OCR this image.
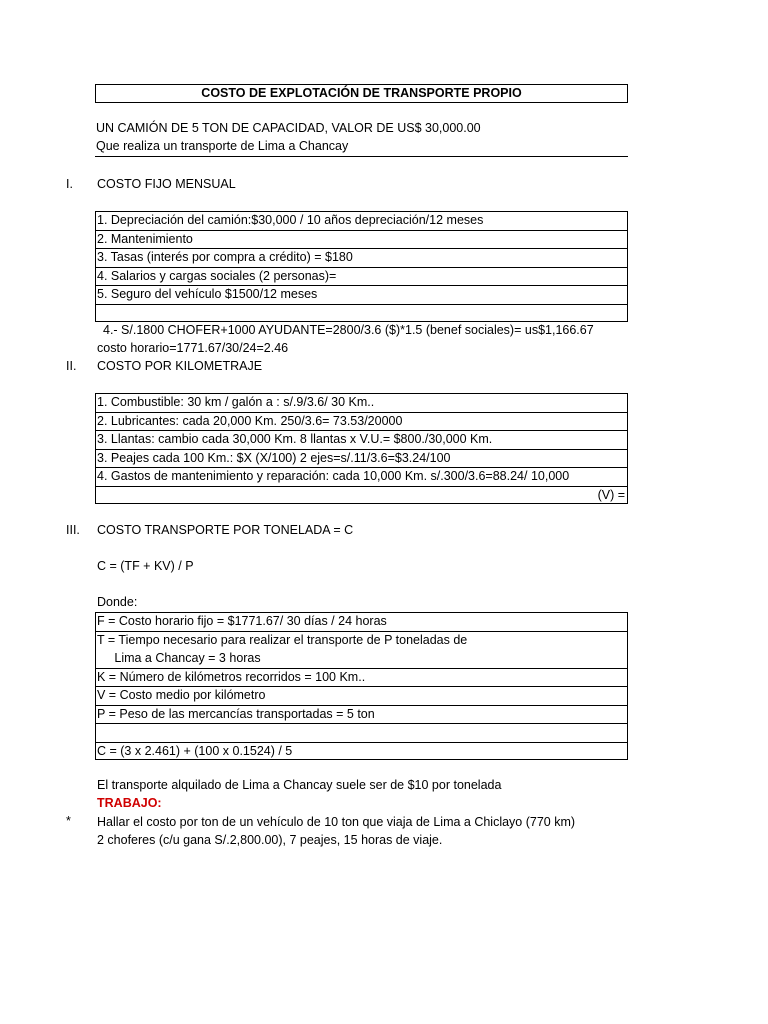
COSTO DE EXPLOTACIÓN DE TRANSPORTE PROPIO
UN CAMIÓN DE 5 TON DE CAPACIDAD, VALOR DE US$ 30,000.00
Que realiza un transporte de Lima a Chancay
I. COSTO FIJO MENSUAL
1. Depreciación del camión:$30,000 / 10 años depreciación/12 meses
2. Mantenimiento
3. Tasas (interés por compra a crédito) = $180
4. Salarios y cargas sociales (2 personas)=
5. Seguro del vehículo $1500/12 meses
4.- S/.1800 CHOFER+1000 AYUDANTE=2800/3.6 ($)*1.5 (benef sociales)= us$1,166.67
costo horario=1771.67/30/24=2.46
II. COSTO POR KILOMETRAJE
1. Combustible: 30 km / galón a : s/.9/3.6/ 30 Km..
2. Lubricantes: cada 20,000 Km. 250/3.6= 73.53/20000
3. Llantas: cambio cada 30,000 Km. 8 llantas x V.U.= $800./30,000 Km.
3. Peajes cada 100 Km.: $X (X/100) 2 ejes=s/.11/3.6=$3.24/100
4. Gastos de mantenimiento y reparación: cada 10,000 Km. s/.300/3.6=88.24/ 10,000
(V) =
III. COSTO TRANSPORTE POR TONELADA = C
C = (TF + KV) / P
Donde:
F = Costo horario fijo = $1771.67/ 30 días / 24 horas
T = Tiempo necesario para realizar el transporte de P toneladas de
Lima a Chancay = 3 horas
K = Número de kilómetros recorridos = 100 Km..
V = Costo medio por kilómetro
P = Peso de las mercancías transportadas = 5 ton
C = (3 x 2.461) + (100 x 0.1524) / 5
El transporte alquilado de Lima a Chancay suele ser de $10 por tonelada
TRABAJO:
* Hallar el costo por ton de un vehículo de 10 ton que viaja de Lima a Chiclayo (770 km)
2 choferes (c/u gana S/.2,800.00), 7 peajes, 15 horas de viaje.
